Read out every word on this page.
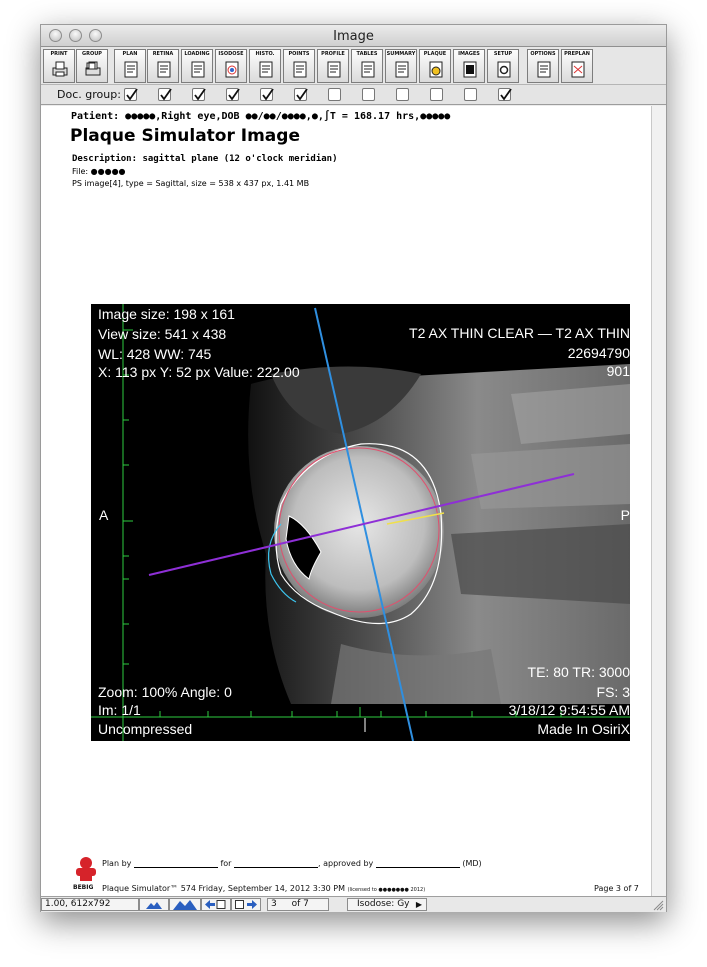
Image
PRINT	GROUP	PLAN	RETINA	LOADING	ISODOSE	HISTO.	POINTS	PROFILE	TABLES	SUMMARY	PLAQUE	IMAGES	SETUP	OPTIONS	PREPLAN
Doc. group:
Patient: ●●●●●,Right eye,DOB ●●/●●/●●●●,●,∫T = 168.17 hrs,●●●●●
Plaque Simulator Image
Description: sagittal plane (12 o'clock meridian)
File: ●●●●●
PS image[4], type = Sagittal, size = 538 x 437 px, 1.41 MB
Image size: 198 x 161
View size: 541 x 438
WL: 428 WW: 745
X: 113 px Y: 52 px Value: 222.00
T2 AX THIN CLEAR — T2 AX THIN
22694790
901
A	P
TE: 80 TR: 3000
FS: 3
3/18/12 9:54:55 AM
Zoom: 100% Angle: 0
Im: 1/1
Uncompressed	Made In OsiriX
Plan by	for	, approved by	(MD)
BEBIG Plaque Simulator™ 574 Friday, September 14, 2012 3:30 PM (licensed to ●●●●●●● 2012)	Page 3 of 7
1.00, 612x792	3 of 7	Isodose: Gy ▶
